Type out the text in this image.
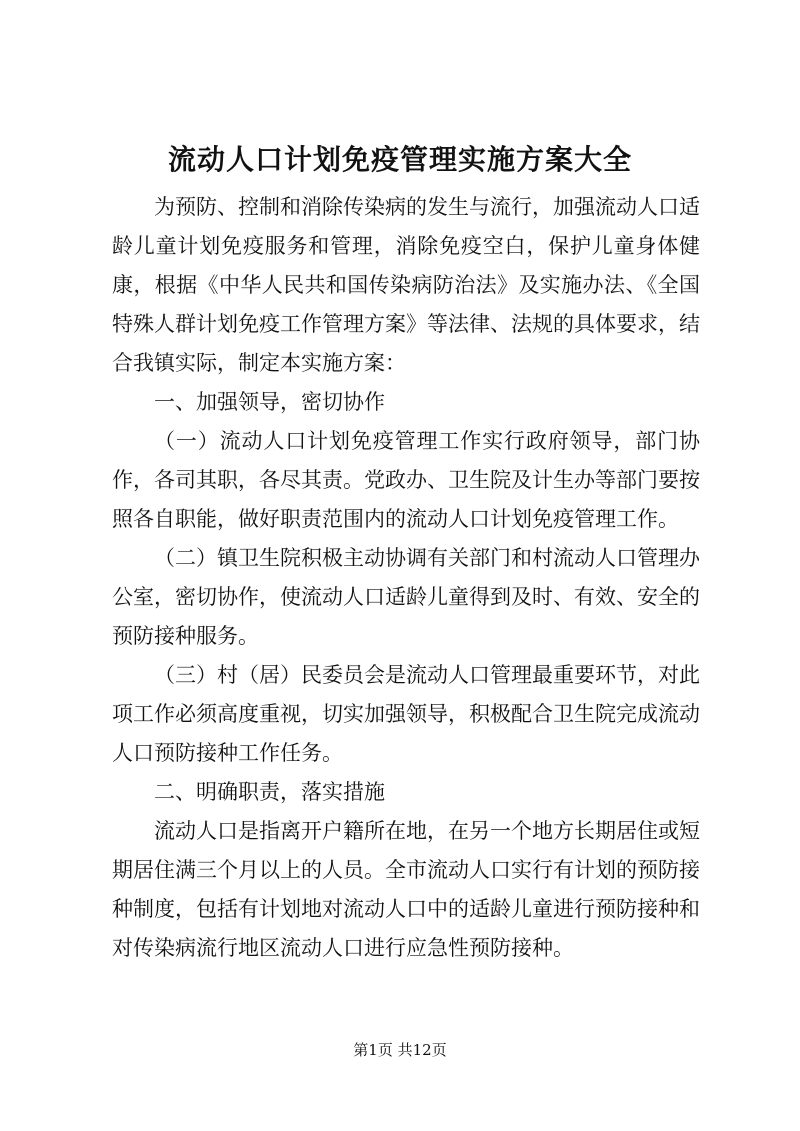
流动人口计划免疫管理实施方案大全

为预防、控制和消除传染病的发生与流行，加强流动人口适龄儿童计划免疫服务和管理，消除免疫空白，保护儿童身体健康，根据《中华人民共和国传染病防治法》及实施办法、《全国特殊人群计划免疫工作管理方案》等法律、法规的具体要求，结合我镇实际，制定本实施方案：

一、加强领导，密切协作

（一）流动人口计划免疫管理工作实行政府领导，部门协作，各司其职，各尽其责。党政办、卫生院及计生办等部门要按照各自职能，做好职责范围内的流动人口计划免疫管理工作。

（二）镇卫生院积极主动协调有关部门和村流动人口管理办公室，密切协作，使流动人口适龄儿童得到及时、有效、安全的预防接种服务。

（三）村（居）民委员会是流动人口管理最重要环节，对此项工作必须高度重视，切实加强领导，积极配合卫生院完成流动人口预防接种工作任务。

二、明确职责，落实措施

流动人口是指离开户籍所在地，在另一个地方长期居住或短期居住满三个月以上的人员。全市流动人口实行有计划的预防接种制度，包括有计划地对流动人口中的适龄儿童进行预防接种和对传染病流行地区流动人口进行应急性预防接种。

第1页 共12页
